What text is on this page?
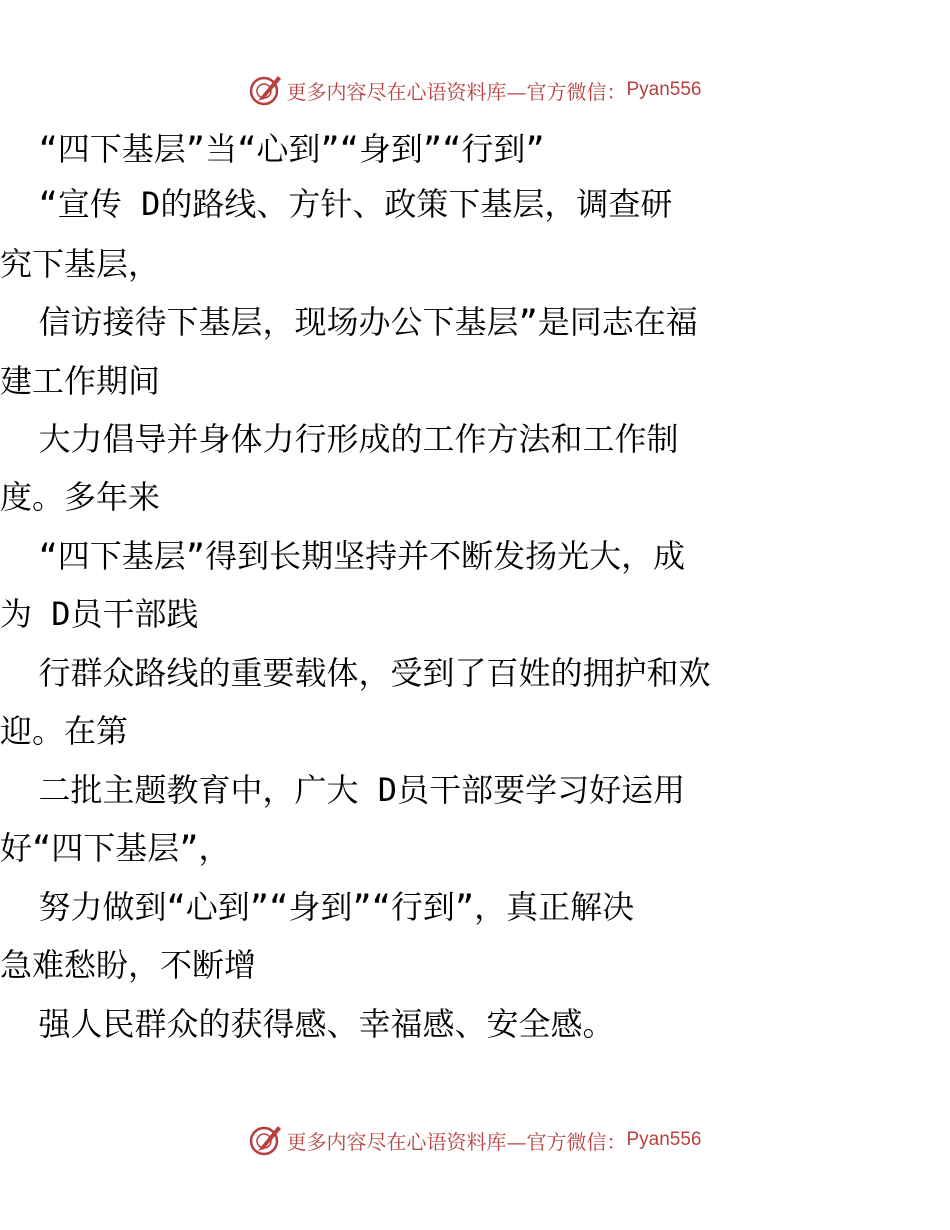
更多内容尽在心语资料库 —官方微信： Pyan556
“四下基层”当“心到”“身到”“行到”
“宣传 D的路线、方针、政策下基层，调查研
究下基层，
信访接待下基层，现场办公下基层”是同志在福
建工作期间
大力倡导并身体力行形成的工作方法和工作制
度。多年来
“四下基层”得到长期坚持并不断发扬光大，成
为 D员干部践
行群众路线的重要载体，受到了百姓的拥护和欢
迎。在第
二批主题教育中，广大 D员干部要学习好运用
好“四下基层”，
努力做到“心到”“身到”“行到”，真正解决
急难愁盼，不断增
强人民群众的获得感、幸福感、安全感。
更多内容尽在心语资料库 —官方微信： Pyan556
